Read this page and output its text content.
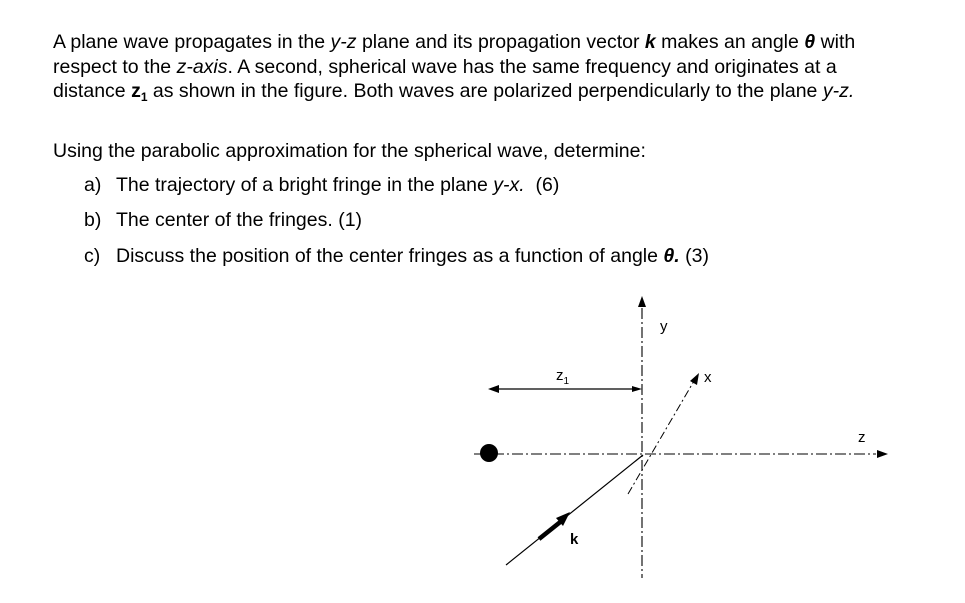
A plane wave propagates in the y-z plane and its propagation vector k makes an angle θ with respect to the z-axis. A second, spherical wave has the same frequency and originates at a distance $z_1$ as shown in the figure. Both waves are polarized perpendicularly to the plane y-z.
Using the parabolic approximation for the spherical wave, determine:
a) The trajectory of a bright fringe in the plane y-x.  (6)
b) The center of the fringes. (1)
c) Discuss the position of the center fringes as a function of angle θ. (3)
y
z
x
$z_1$
k
